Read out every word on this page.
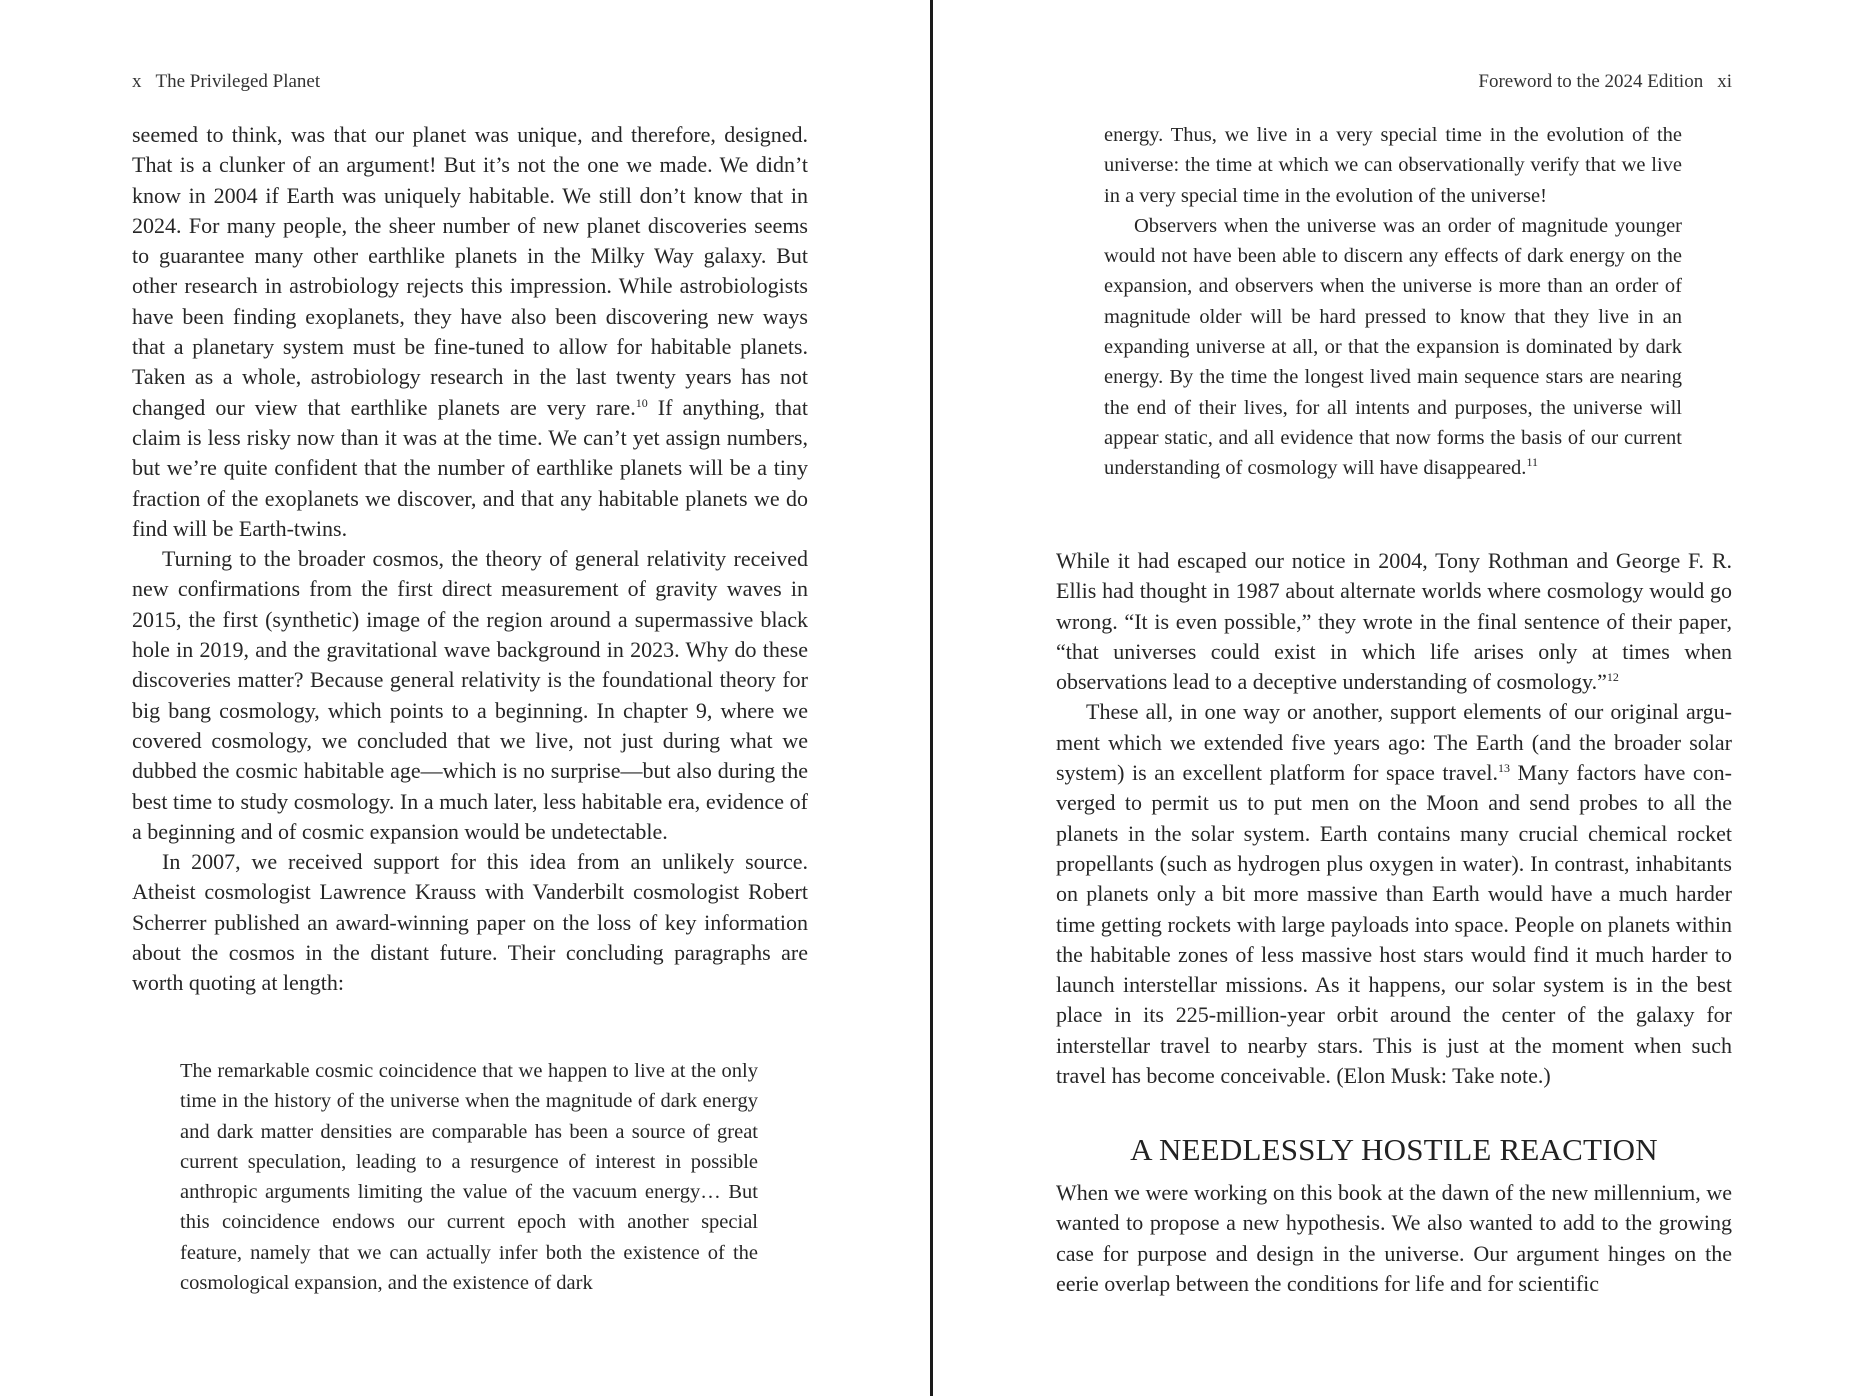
x The Privileged Planet

seemed to think, was that our planet was unique, and therefore, designed. That is a clunker of an argument! But it’s not the one we made. We didn’t know in 2004 if Earth was uniquely habitable. We still don’t know that in 2024. For many people, the sheer number of new planet discoveries seems to guarantee many other earthlike planets in the Milky Way galaxy. But other research in astrobiology rejects this impression. While astrobiologists have been finding exoplanets, they have also been discovering new ways that a planetary system must be fine-tuned to allow for habitable planets. Taken as a whole, astrobiology research in the last twenty years has not changed our view that earthlike planets are very rare.$^{10}$ If anything, that claim is less risky now than it was at the time. We can’t yet assign numbers, but we’re quite confident that the number of earthlike planets will be a tiny fraction of the exoplanets we discover, and that any habitable planets we do find will be Earth-twins.

Turning to the broader cosmos, the theory of general relativity received new confirmations from the first direct measurement of gravity waves in 2015, the first (synthetic) image of the region around a supermassive black hole in 2019, and the gravitational wave background in 2023. Why do these discoveries matter? Because general relativity is the foundational theory for big bang cosmology, which points to a beginning. In chapter 9, where we covered cosmology, we concluded that we live, not just during what we dubbed the cosmic habitable age—which is no surprise—but also during the best time to study cosmology. In a much later, less habitable era, evidence of a beginning and of cosmic expansion would be undetectable.

In 2007, we received support for this idea from an unlikely source. Atheist cosmologist Lawrence Krauss with Vanderbilt cosmologist Robert Scherrer published an award-winning paper on the loss of key information about the cosmos in the distant future. Their concluding paragraphs are worth quoting at length:

The remarkable cosmic coincidence that we happen to live at the only time in the history of the universe when the magnitude of dark energy and dark matter densities are comparable has been a source of great current speculation, leading to a resurgence of interest in possible anthropic arguments limiting the value of the vacuum energy… But this coincidence endows our current epoch with another special feature, namely that we can actually infer both the existence of the cosmological expansion, and the existence of dark

Foreword to the 2024 Edition xi

energy. Thus, we live in a very special time in the evolution of the universe: the time at which we can observationally verify that we live in a very special time in the evolution of the universe!

Observers when the universe was an order of magnitude younger would not have been able to discern any effects of dark energy on the expansion, and observers when the universe is more than an order of magnitude older will be hard pressed to know that they live in an expanding universe at all, or that the expansion is dominated by dark energy. By the time the longest lived main sequence stars are nearing the end of their lives, for all intents and purposes, the universe will appear static, and all evidence that now forms the basis of our current understanding of cosmology will have disappeared.$^{11}$

While it had escaped our notice in 2004, Tony Rothman and George F. R. Ellis had thought in 1987 about alternate worlds where cosmology would go wrong. “It is even possible,” they wrote in the final sentence of their paper, “that universes could exist in which life arises only at times when observations lead to a deceptive understanding of cosmology.”$^{12}$

These all, in one way or another, support elements of our original argument which we extended five years ago: The Earth (and the broader solar system) is an excellent platform for space travel.$^{13}$ Many factors have converged to permit us to put men on the Moon and send probes to all the planets in the solar system. Earth contains many crucial chemical rocket propellants (such as hydrogen plus oxygen in water). In contrast, inhabitants on planets only a bit more massive than Earth would have a much harder time getting rockets with large payloads into space. People on planets within the habitable zones of less massive host stars would find it much harder to launch interstellar missions. As it happens, our solar system is in the best place in its 225-million-year orbit around the center of the galaxy for interstellar travel to nearby stars. This is just at the moment when such travel has become conceivable. (Elon Musk: Take note.)

A NEEDLESSLY HOSTILE REACTION

When we were working on this book at the dawn of the new millennium, we wanted to propose a new hypothesis. We also wanted to add to the growing case for purpose and design in the universe. Our argument hinges on the eerie overlap between the conditions for life and for scientific
